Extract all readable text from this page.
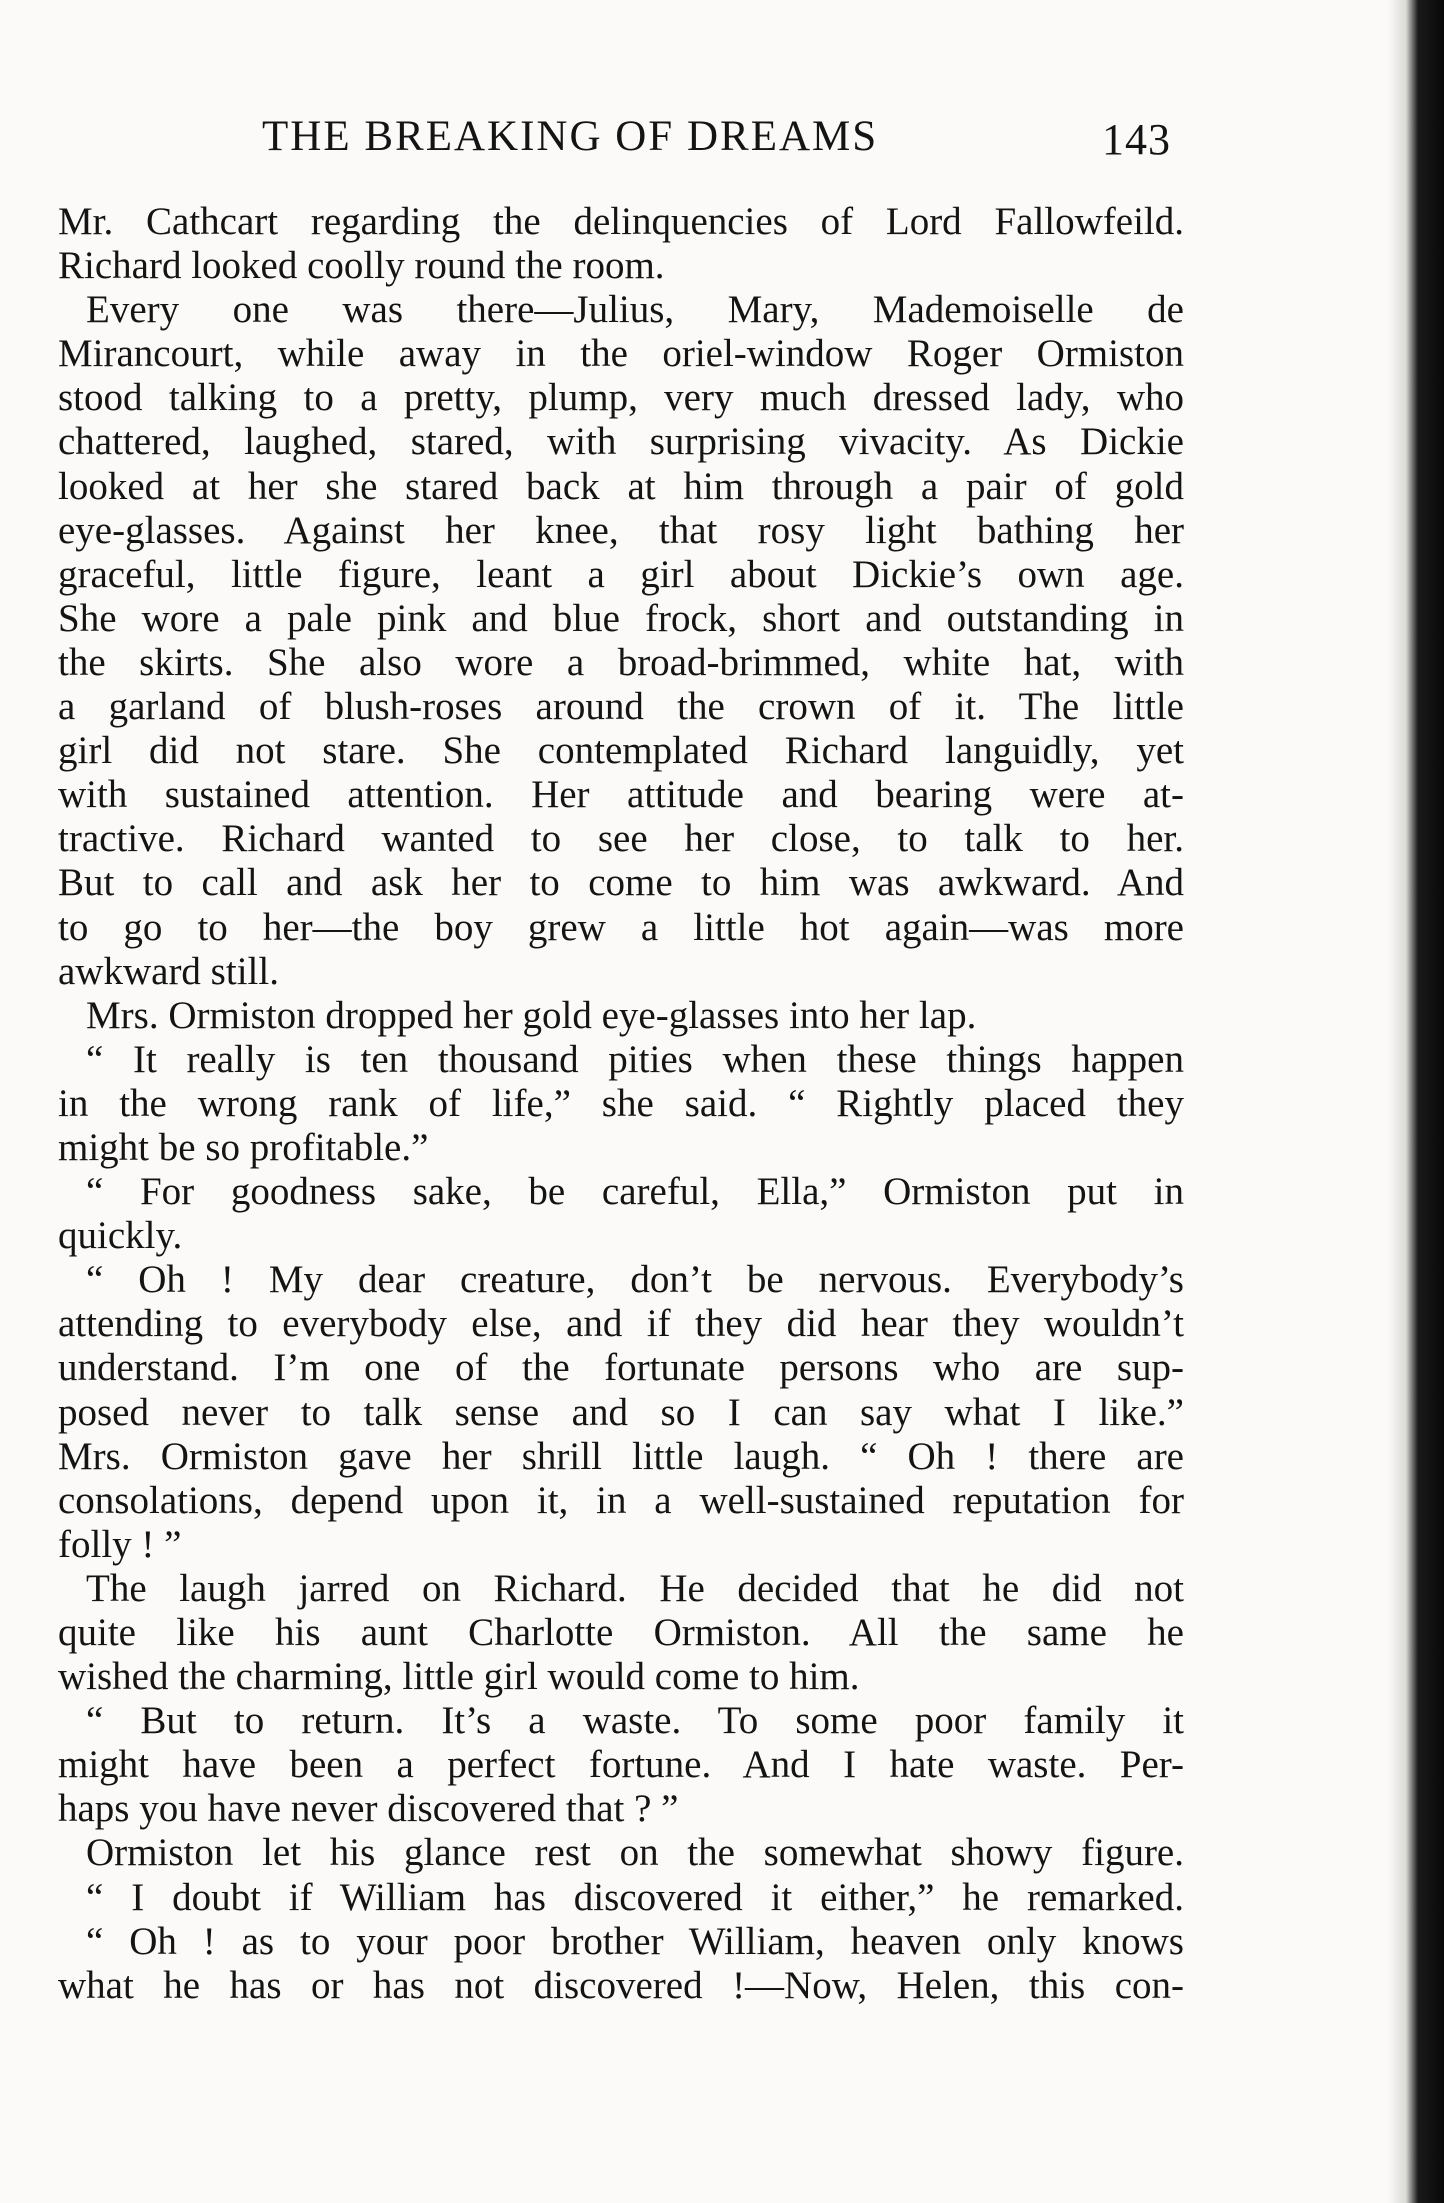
THE BREAKING OF DREAMS	143
Mr. Cathcart regarding the delinquencies of Lord Fallowfeild.
Richard looked coolly round the room.
Every one was there—Julius, Mary, Mademoiselle de
Mirancourt, while away in the oriel-window Roger Ormiston
stood talking to a pretty, plump, very much dressed lady, who
chattered, laughed, stared, with surprising vivacity. As Dickie
looked at her she stared back at him through a pair of gold
eye-glasses. Against her knee, that rosy light bathing her
graceful, little figure, leant a girl about Dickie’s own age.
She wore a pale pink and blue frock, short and outstanding in
the skirts. She also wore a broad-brimmed, white hat, with
a garland of blush-roses around the crown of it. The little
girl did not stare. She contemplated Richard languidly, yet
with sustained attention. Her attitude and bearing were at-
tractive. Richard wanted to see her close, to talk to her.
But to call and ask her to come to him was awkward. And
to go to her—the boy grew a little hot again—was more
awkward still.
Mrs. Ormiston dropped her gold eye-glasses into her lap.
“ It really is ten thousand pities when these things happen
in the wrong rank of life,” she said. “ Rightly placed they
might be so profitable.”
“ For goodness sake, be careful, Ella,” Ormiston put in
quickly.
“ Oh ! My dear creature, don’t be nervous. Everybody’s
attending to everybody else, and if they did hear they wouldn’t
understand. I’m one of the fortunate persons who are sup-
posed never to talk sense and so I can say what I like.”
Mrs. Ormiston gave her shrill little laugh. “ Oh ! there are
consolations, depend upon it, in a well-sustained reputation for
folly ! ”
The laugh jarred on Richard. He decided that he did not
quite like his aunt Charlotte Ormiston. All the same he
wished the charming, little girl would come to him.
“ But to return. It’s a waste. To some poor family it
might have been a perfect fortune. And I hate waste. Per-
haps you have never discovered that ? ”
Ormiston let his glance rest on the somewhat showy figure.
“ I doubt if William has discovered it either,” he remarked.
“ Oh ! as to your poor brother William, heaven only knows
what he has or has not discovered !—Now, Helen, this con-
